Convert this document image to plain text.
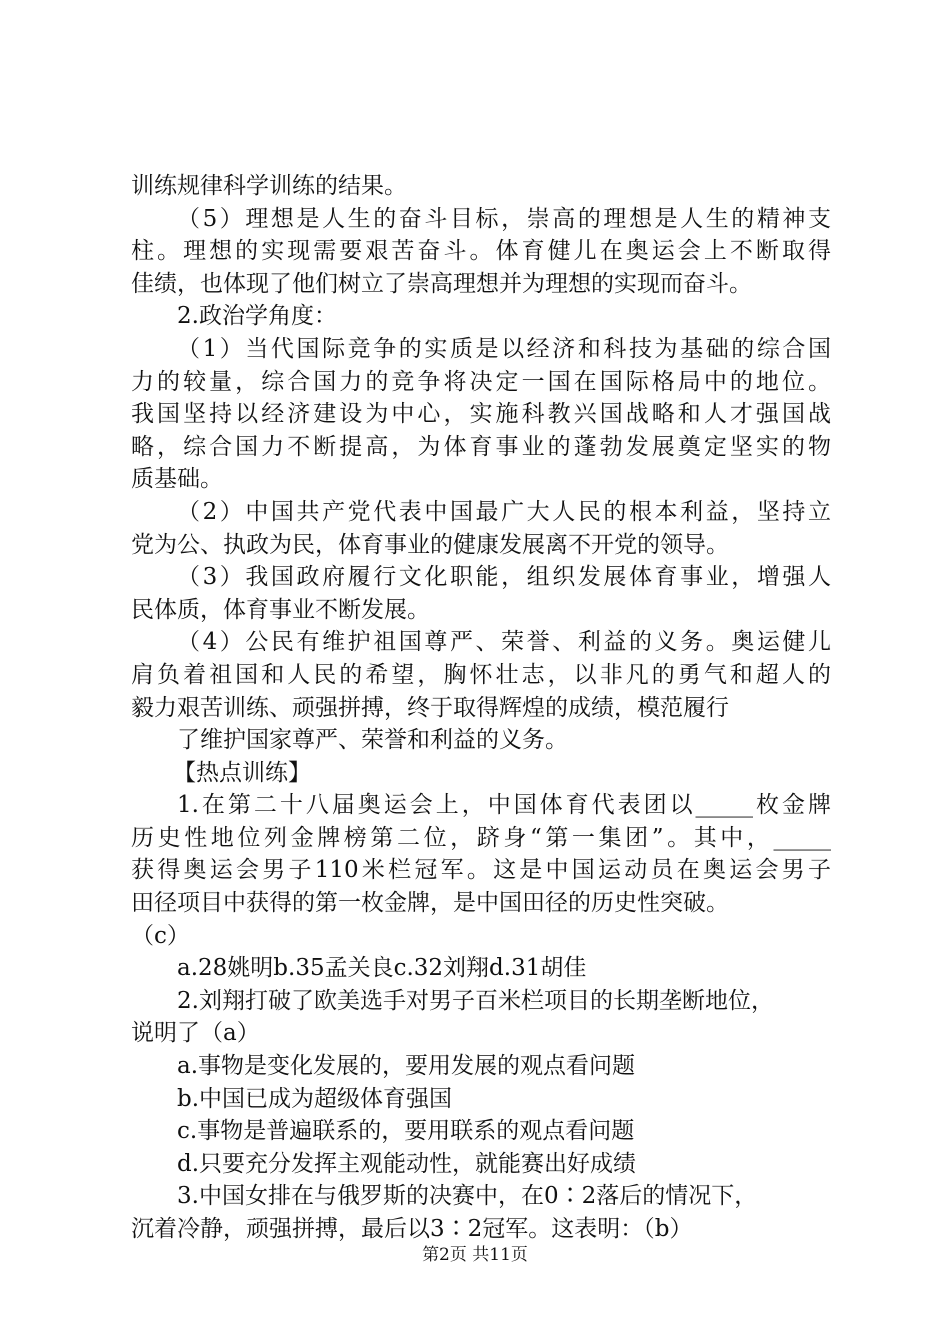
训练规律科学训练的结果。
（5）理想是人生的奋斗目标，崇高的理想是人生的精神支
柱。理想的实现需要艰苦奋斗。体育健儿在奥运会上不断取得
佳绩，也体现了他们树立了崇高理想并为理想的实现而奋斗。
2.政治学角度：
（1）当代国际竞争的实质是以经济和科技为基础的综合国
力的较量，综合国力的竞争将决定一国在国际格局中的地位。
我国坚持以经济建设为中心，实施科教兴国战略和人才强国战
略，综合国力不断提高，为体育事业的蓬勃发展奠定坚实的物
质基础。
（2）中国共产党代表中国最广大人民的根本利益，坚持立
党为公、执政为民，体育事业的健康发展离不开党的领导。
（3）我国政府履行文化职能，组织发展体育事业，增强人
民体质，体育事业不断发展。
（4）公民有维护祖国尊严、荣誉、利益的义务。奥运健儿
肩负着祖国和人民的希望，胸怀壮志，以非凡的勇气和超人的
毅力艰苦训练、顽强拼搏，终于取得辉煌的成绩，模范履行
了维护国家尊严、荣誉和利益的义务。
【热点训练】
1.在第二十八届奥运会上，中国体育代表团以_____枚金牌
历史性地位列金牌榜第二位，跻身“第一集团”。其中，_____
获得奥运会男子110米栏冠军。这是中国运动员在奥运会男子
田径项目中获得的第一枚金牌，是中国田径的历史性突破。
（c）
a.28姚明b.35孟关良c.32刘翔d.31胡佳
2.刘翔打破了欧美选手对男子百米栏项目的长期垄断地位，
说明了（a）
a.事物是变化发展的，要用发展的观点看问题
b.中国已成为超级体育强国
c.事物是普遍联系的，要用联系的观点看问题
d.只要充分发挥主观能动性，就能赛出好成绩
3.中国女排在与俄罗斯的决赛中，在0∶2落后的情况下，
沉着冷静，顽强拼搏，最后以3∶2冠军。这表明：（b）
第2页 共11页
